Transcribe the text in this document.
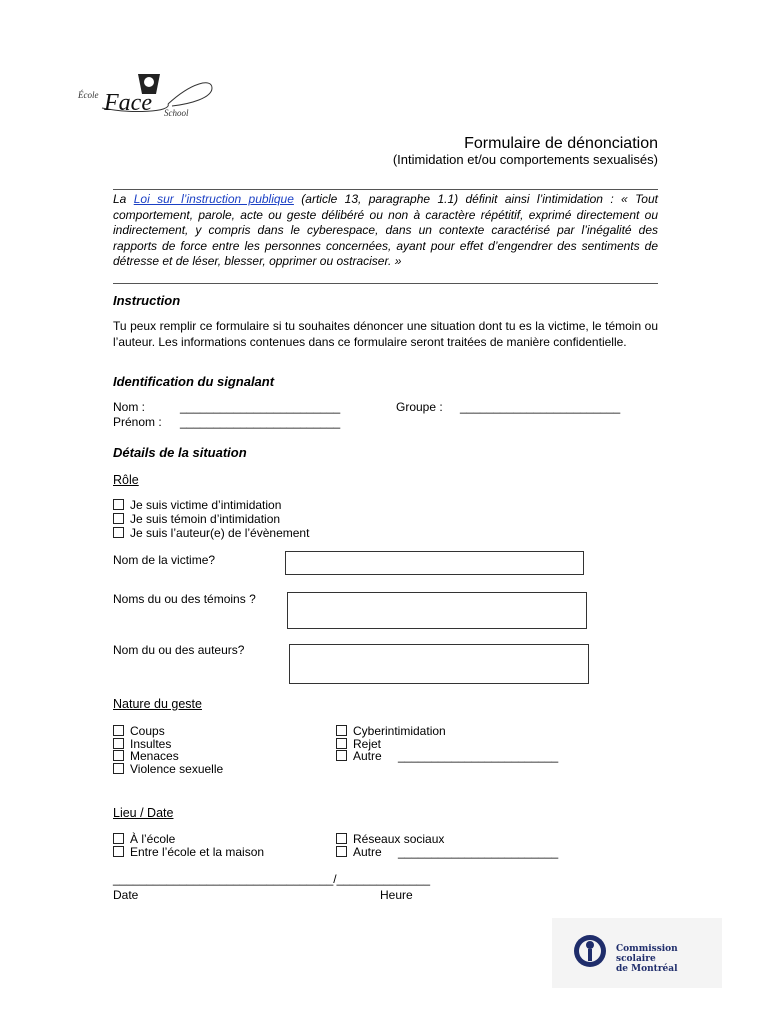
École Face School
Formulaire de dénonciation
(Intimidation et/ou comportements sexualisés)
La Loi sur l’instruction publique (article 13, paragraphe 1.1) définit ainsi l’intimidation : « Tout comportement, parole, acte ou geste délibéré ou non à caractère répétitif, exprimé directement ou indirectement, y compris dans le cyberespace, dans un contexte caractérisé par l’inégalité des rapports de force entre les personnes concernées, ayant pour effet d’engendrer des sentiments de détresse et de léser, blesser, opprimer ou ostraciser. »
Instruction
Tu peux remplir ce formulaire si tu souhaites dénoncer une situation dont tu es la victime, le témoin ou l’auteur. Les informations contenues dans ce formulaire seront traitées de manière confidentielle.
Identification du signalant
Nom :	________________________	Groupe : ________________________
Prénom : ________________________
Détails de la situation
Rôle
Je suis victime d’intimidation
Je suis témoin d’intimidation
Je suis l’auteur(e) de l’évènement
Nom de la victime?
Noms du ou des témoins ?
Nom du ou des auteurs?
Nature du geste
Coups
Insultes
Menaces
Violence sexuelle
Cyberintimidation
Rejet
Autre ________________________
Lieu / Date
À l’école
Entre l’école et la maison
Réseaux sociaux
Autre ________________________
_________________________________/______________
Date	Heure
Commission
scolaire
de Montréal
